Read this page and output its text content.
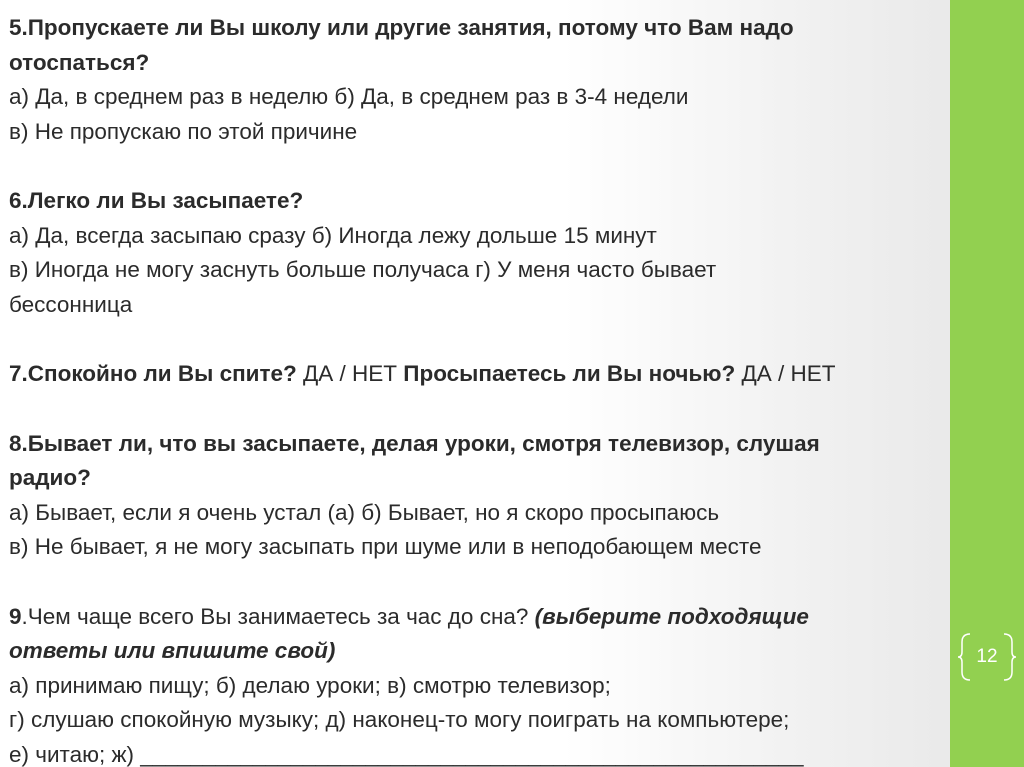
5.Пропускаете ли Вы школу или другие занятия, потому что Вам надо

отоспаться?

а) Да, в среднем раз в неделю б) Да, в среднем раз в 3-4 недели

в) Не пропускаю по этой причине

6.Легко ли Вы засыпаете?

а) Да, всегда засыпаю сразу б) Иногда лежу дольше 15 минут

в) Иногда не могу заснуть больше получаса г) У меня часто бывает

бессонница

7.Спокойно ли Вы спите? ДА / НЕТ Просыпаетесь ли Вы ночью? ДА / НЕТ

8.Бывает ли, что вы засыпаете, делая уроки, смотря телевизор, слушая

радио?

а) Бывает, если я очень устал (а) б) Бывает, но я скоро просыпаюсь

в) Не бывает, я не могу засыпать при шуме или в неподобающем месте

9.Чем чаще всего Вы занимаетесь за час до сна? (выберите подходящие

ответы или впишите свой)

а) принимаю пищу; б) делаю уроки; в) смотрю телевизор;

г) слушаю спокойную музыку; д) наконец-то могу поиграть на компьютере;

е) читаю; ж) _____________________________________________________

12
